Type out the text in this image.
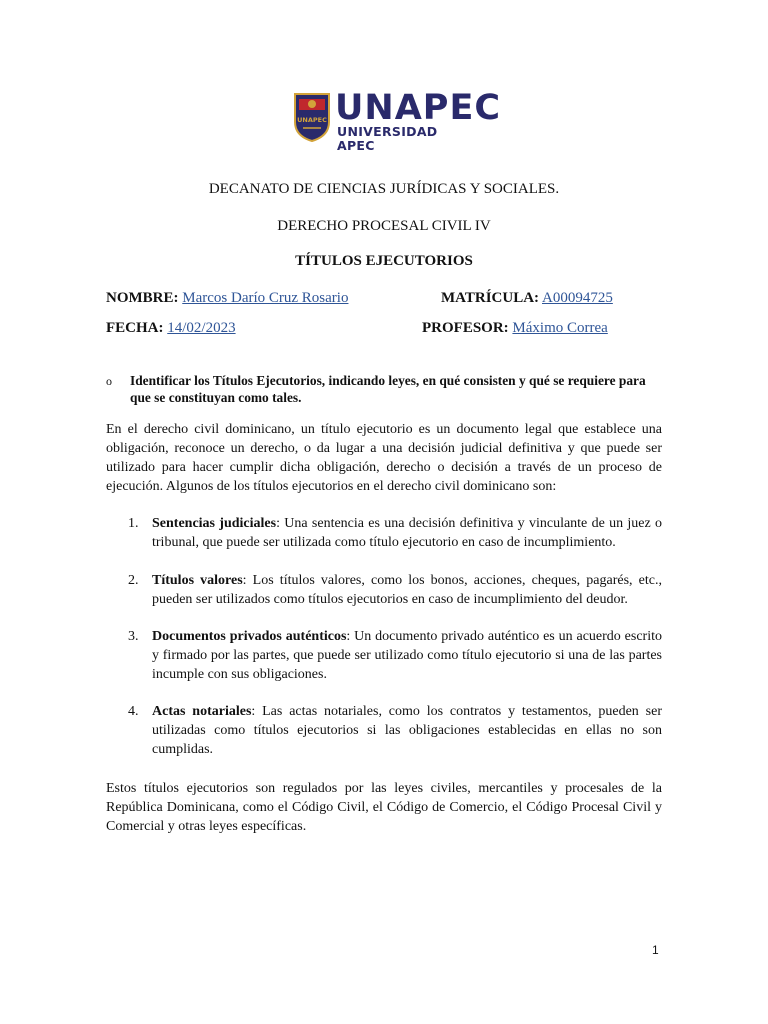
UNAPEC UNAPEC
UNIVERSIDAD APEC
DECANATO DE CIENCIAS JURÍDICAS Y SOCIALES.
DERECHO PROCESAL CIVIL IV
TÍTULOS EJECUTORIOS
NOMBRE: Marcos Darío Cruz Rosario	MATRÍCULA: A00094725
FECHA: 14/02/2023	PROFESOR: Máximo Correa
o Identificar los Títulos Ejecutorios, indicando leyes, en qué consisten y qué se requiere para que se constituyan como tales.
En el derecho civil dominicano, un título ejecutorio es un documento legal que establece una obligación, reconoce un derecho, o da lugar a una decisión judicial definitiva y que puede ser utilizado para hacer cumplir dicha obligación, derecho o decisión a través de un proceso de ejecución. Algunos de los títulos ejecutorios en el derecho civil dominicano son:
1. Sentencias judiciales: Una sentencia es una decisión definitiva y vinculante de un juez o tribunal, que puede ser utilizada como título ejecutorio en caso de incumplimiento.
2. Títulos valores: Los títulos valores, como los bonos, acciones, cheques, pagarés, etc., pueden ser utilizados como títulos ejecutorios en caso de incumplimiento del deudor.
3. Documentos privados auténticos: Un documento privado auténtico es un acuerdo escrito y firmado por las partes, que puede ser utilizado como título ejecutorio si una de las partes incumple con sus obligaciones.
4. Actas notariales: Las actas notariales, como los contratos y testamentos, pueden ser utilizadas como títulos ejecutorios si las obligaciones establecidas en ellas no son cumplidas.
Estos títulos ejecutorios son regulados por las leyes civiles, mercantiles y procesales de la República Dominicana, como el Código Civil, el Código de Comercio, el Código Procesal Civil y Comercial y otras leyes específicas.
1
